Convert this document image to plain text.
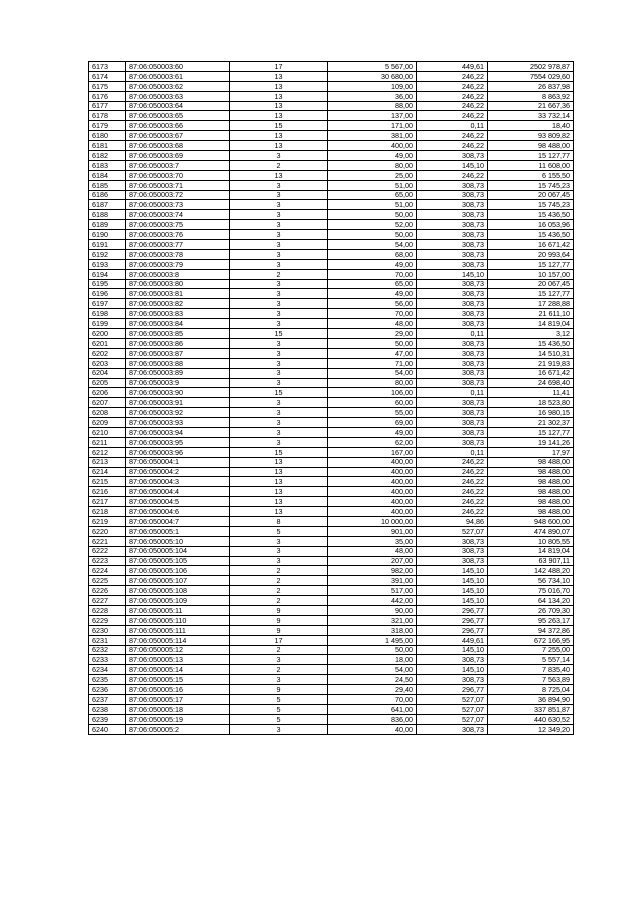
6173	87:06:050003:60	17	5 567,00	449,61	2502 978,87
6174	87:06:050003:61	13	30 680,00	246,22	7554 029,60
6175	87:06:050003:62	13	109,00	246,22	26 837,98
6176	87:06:050003:63	13	36,00	246,22	8 863,92
6177	87:06:050003:64	13	88,00	246,22	21 667,36
6178	87:06:050003:65	13	137,00	246,22	33 732,14
6179	87:06:050003:66	15	171,00	0,11	18,40
6180	87:06:050003:67	13	381,00	246,22	93 809,82
6181	87:06:050003:68	13	400,00	246,22	98 488,00
6182	87:06:050003:69	3	49,00	308,73	15 127,77
6183	87:06:050003:7	2	80,00	145,10	11 608,00
6184	87:06:050003:70	13	25,00	246,22	6 155,50
6185	87:06:050003:71	3	51,00	308,73	15 745,23
6186	87:06:050003:72	3	65,00	308,73	20 067,45
6187	87:06:050003:73	3	51,00	308,73	15 745,23
6188	87:06:050003:74	3	50,00	308,73	15 436,50
6189	87:06:050003:75	3	52,00	308,73	16 053,96
6190	87:06:050003:76	3	50,00	308,73	15 436,50
6191	87:06:050003:77	3	54,00	308,73	16 671,42
6192	87:06:050003:78	3	68,00	308,73	20 993,64
6193	87:06:050003:79	3	49,00	308,73	15 127,77
6194	87:06:050003:8	2	70,00	145,10	10 157,00
6195	87:06:050003:80	3	65,00	308,73	20 067,45
6196	87:06:050003:81	3	49,00	308,73	15 127,77
6197	87:06:050003:82	3	56,00	308,73	17 288,88
6198	87:06:050003:83	3	70,00	308,73	21 611,10
6199	87:06:050003:84	3	48,00	308,73	14 819,04
6200	87:06:050003:85	15	29,00	0,11	3,12
6201	87:06:050003:86	3	50,00	308,73	15 436,50
6202	87:06:050003:87	3	47,00	308,73	14 510,31
6203	87:06:050003:88	3	71,00	308,73	21 919,83
6204	87:06:050003:89	3	54,00	308,73	16 671,42
6205	87:06:050003:9	3	80,00	308,73	24 698,40
6206	87:06:050003:90	15	106,00	0,11	11,41
6207	87:06:050003:91	3	60,00	308,73	18 523,80
6208	87:06:050003:92	3	55,00	308,73	16 980,15
6209	87:06:050003:93	3	69,00	308,73	21 302,37
6210	87:06:050003:94	3	49,00	308,73	15 127,77
6211	87:06:050003:95	3	62,00	308,73	19 141,26
6212	87:06:050003:96	15	167,00	0,11	17,97
6213	87:06:050004:1	13	400,00	246,22	98 488,00
6214	87:06:050004:2	13	400,00	246,22	98 488,00
6215	87:06:050004:3	13	400,00	246,22	98 488,00
6216	87:06:050004:4	13	400,00	246,22	98 488,00
6217	87:06:050004:5	13	400,00	246,22	98 488,00
6218	87:06:050004:6	13	400,00	246,22	98 488,00
6219	87:06:050004:7	8	10 000,00	94,86	948 600,00
6220	87:06:050005:1	5	901,00	527,07	474 890,07
6221	87:06:050005:10	3	35,00	308,73	10 805,55
6222	87:06:050005:104	3	48,00	308,73	14 819,04
6223	87:06:050005:105	3	207,00	308,73	63 907,11
6224	87:06:050005:106	2	982,00	145,10	142 488,20
6225	87:06:050005:107	2	391,00	145,10	56 734,10
6226	87:06:050005:108	2	517,00	145,10	75 016,70
6227	87:06:050005:109	2	442,00	145,10	64 134,20
6228	87:06:050005:11	9	90,00	296,77	26 709,30
6229	87:06:050005:110	9	321,00	296,77	95 263,17
6230	87:06:050005:111	9	318,00	296,77	94 372,86
6231	87:06:050005:114	17	1 495,00	449,61	672 166,95
6232	87:06:050005:12	2	50,00	145,10	7 255,00
6233	87:06:050005:13	3	18,00	308,73	5 557,14
6234	87:06:050005:14	2	54,00	145,10	7 835,40
6235	87:06:050005:15	3	24,50	308,73	7 563,89
6236	87:06:050005:16	9	29,40	296,77	8 725,04
6237	87:06:050005:17	5	70,00	527,07	36 894,90
6238	87:06:050005:18	5	641,00	527,07	337 851,87
6239	87:06:050005:19	5	836,00	527,07	440 630,52
6240	87:06:050005:2	3	40,00	308,73	12 349,20
